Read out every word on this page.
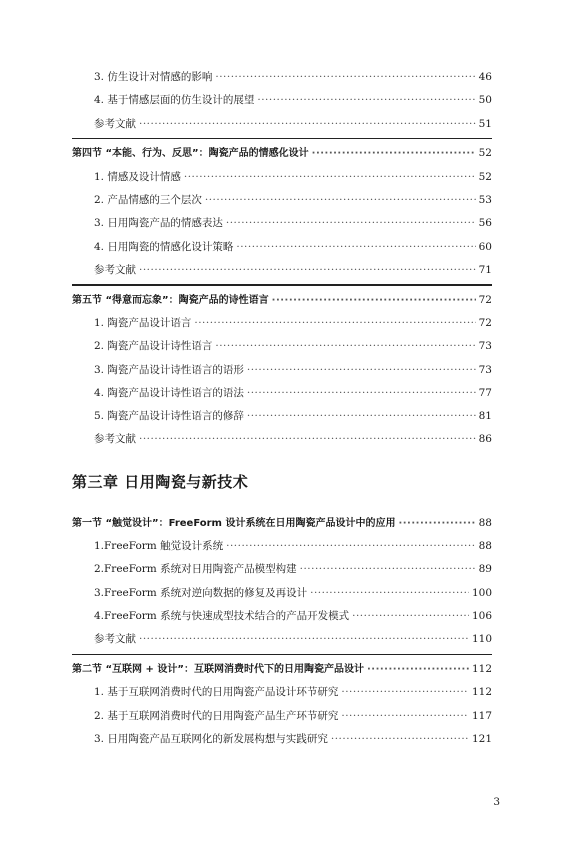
3. 仿生设计对情感的影响 ·····	46
4. 基于情感层面的仿生设计的展望 ·····	50
参考文献 ·····	51
第四节 “本能、行为、反思”：陶瓷产品的情感化设计 ·····	52
1. 情感及设计情感 ·····	52
2. 产品情感的三个层次 ·····	53
3. 日用陶瓷产品的情感表达 ·····	56
4. 日用陶瓷的情感化设计策略 ·····	60
参考文献 ·····	71
第五节 “得意而忘象”：陶瓷产品的诗性语言 ·····	72
1. 陶瓷产品设计语言 ·····	72
2. 陶瓷产品设计诗性语言 ·····	73
3. 陶瓷产品设计诗性语言的语形 ·····	73
4. 陶瓷产品设计诗性语言的语法 ·····	77
5. 陶瓷产品设计诗性语言的修辞 ·····	81
参考文献 ·····	86
第三章 日用陶瓷与新技术
第一节 “触觉设计”：FreeForm 设计系统在日用陶瓷产品设计中的应用 ·····	88
1.FreeForm 触觉设计系统 ·····	88
2.FreeForm 系统对日用陶瓷产品模型构建 ·····	89
3.FreeForm 系统对逆向数据的修复及再设计 ·····	100
4.FreeForm 系统与快速成型技术结合的产品开发模式 ·····	106
参考文献 ·····	110
第二节 “互联网 + 设计”：互联网消费时代下的日用陶瓷产品设计 ·····	112
1. 基于互联网消费时代的日用陶瓷产品设计环节研究 ·····	112
2. 基于互联网消费时代的日用陶瓷产品生产环节研究 ·····	117
3. 日用陶瓷产品互联网化的新发展构想与实践研究 ·····	121
3
